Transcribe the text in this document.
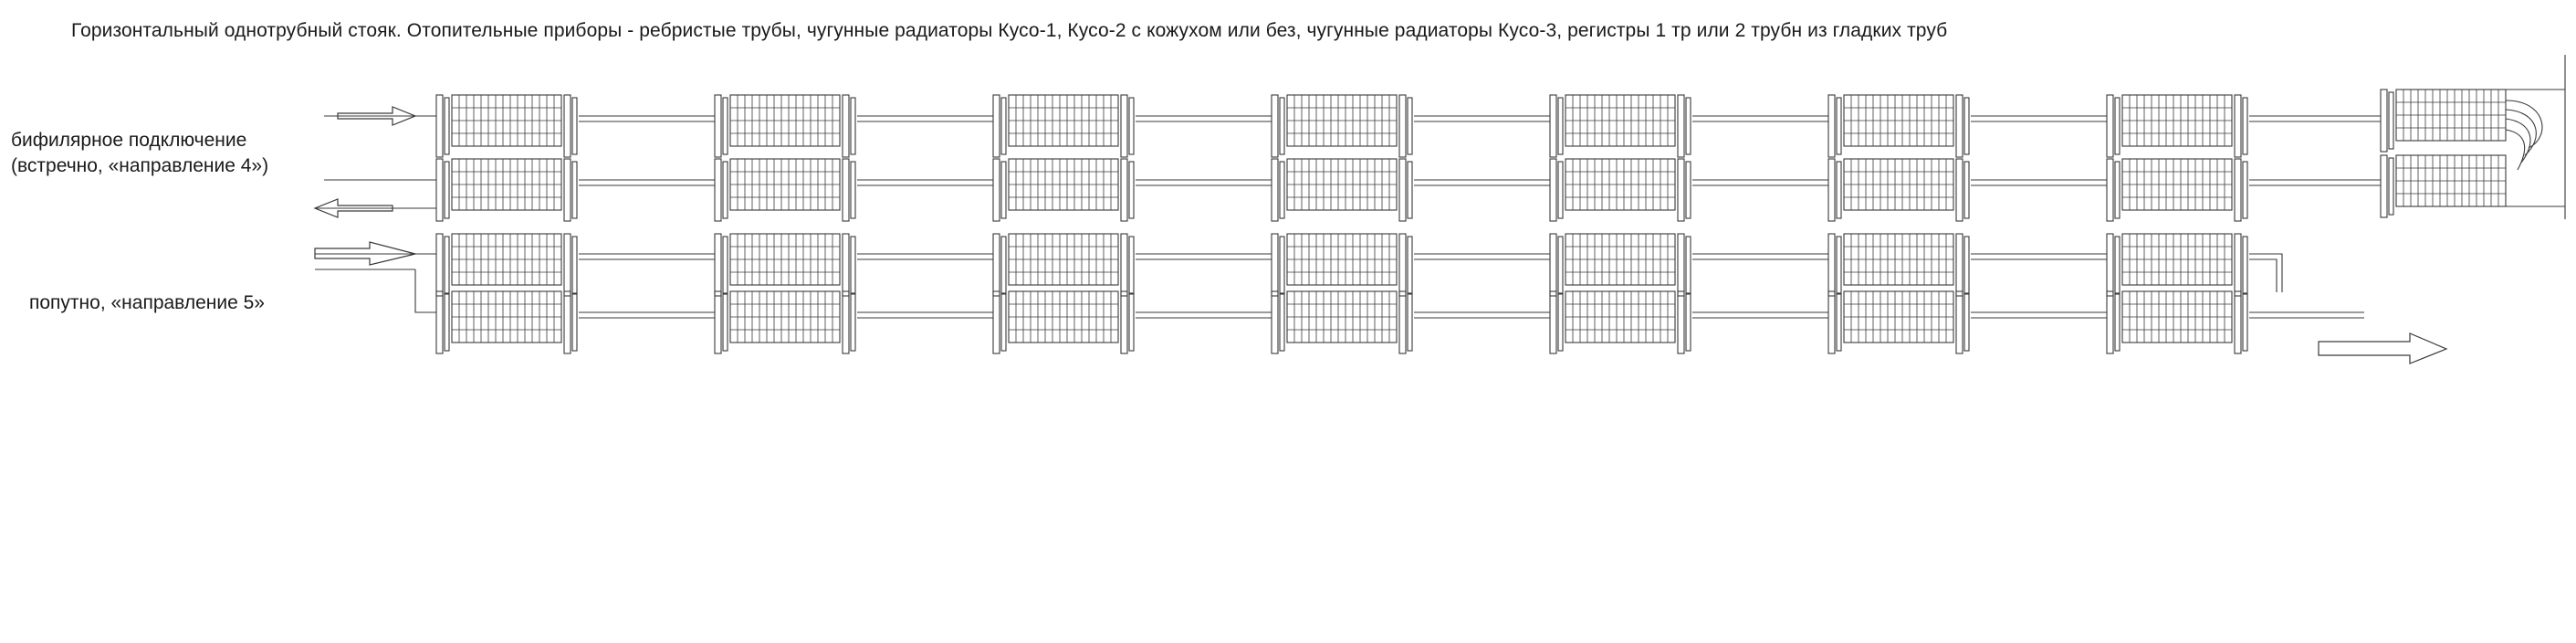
Горизонтальный однотрубный стояк. Отопительные приборы - ребристые трубы, чугунные радиаторы Кусо-1, Кусо-2 с кожухом или без, чугунные радиаторы Кусо-3, регистры 1 тр или 2 трубн из гладких труб
бифилярное подключение
(встречно, «направление 4»)
попутно, «направление 5»
